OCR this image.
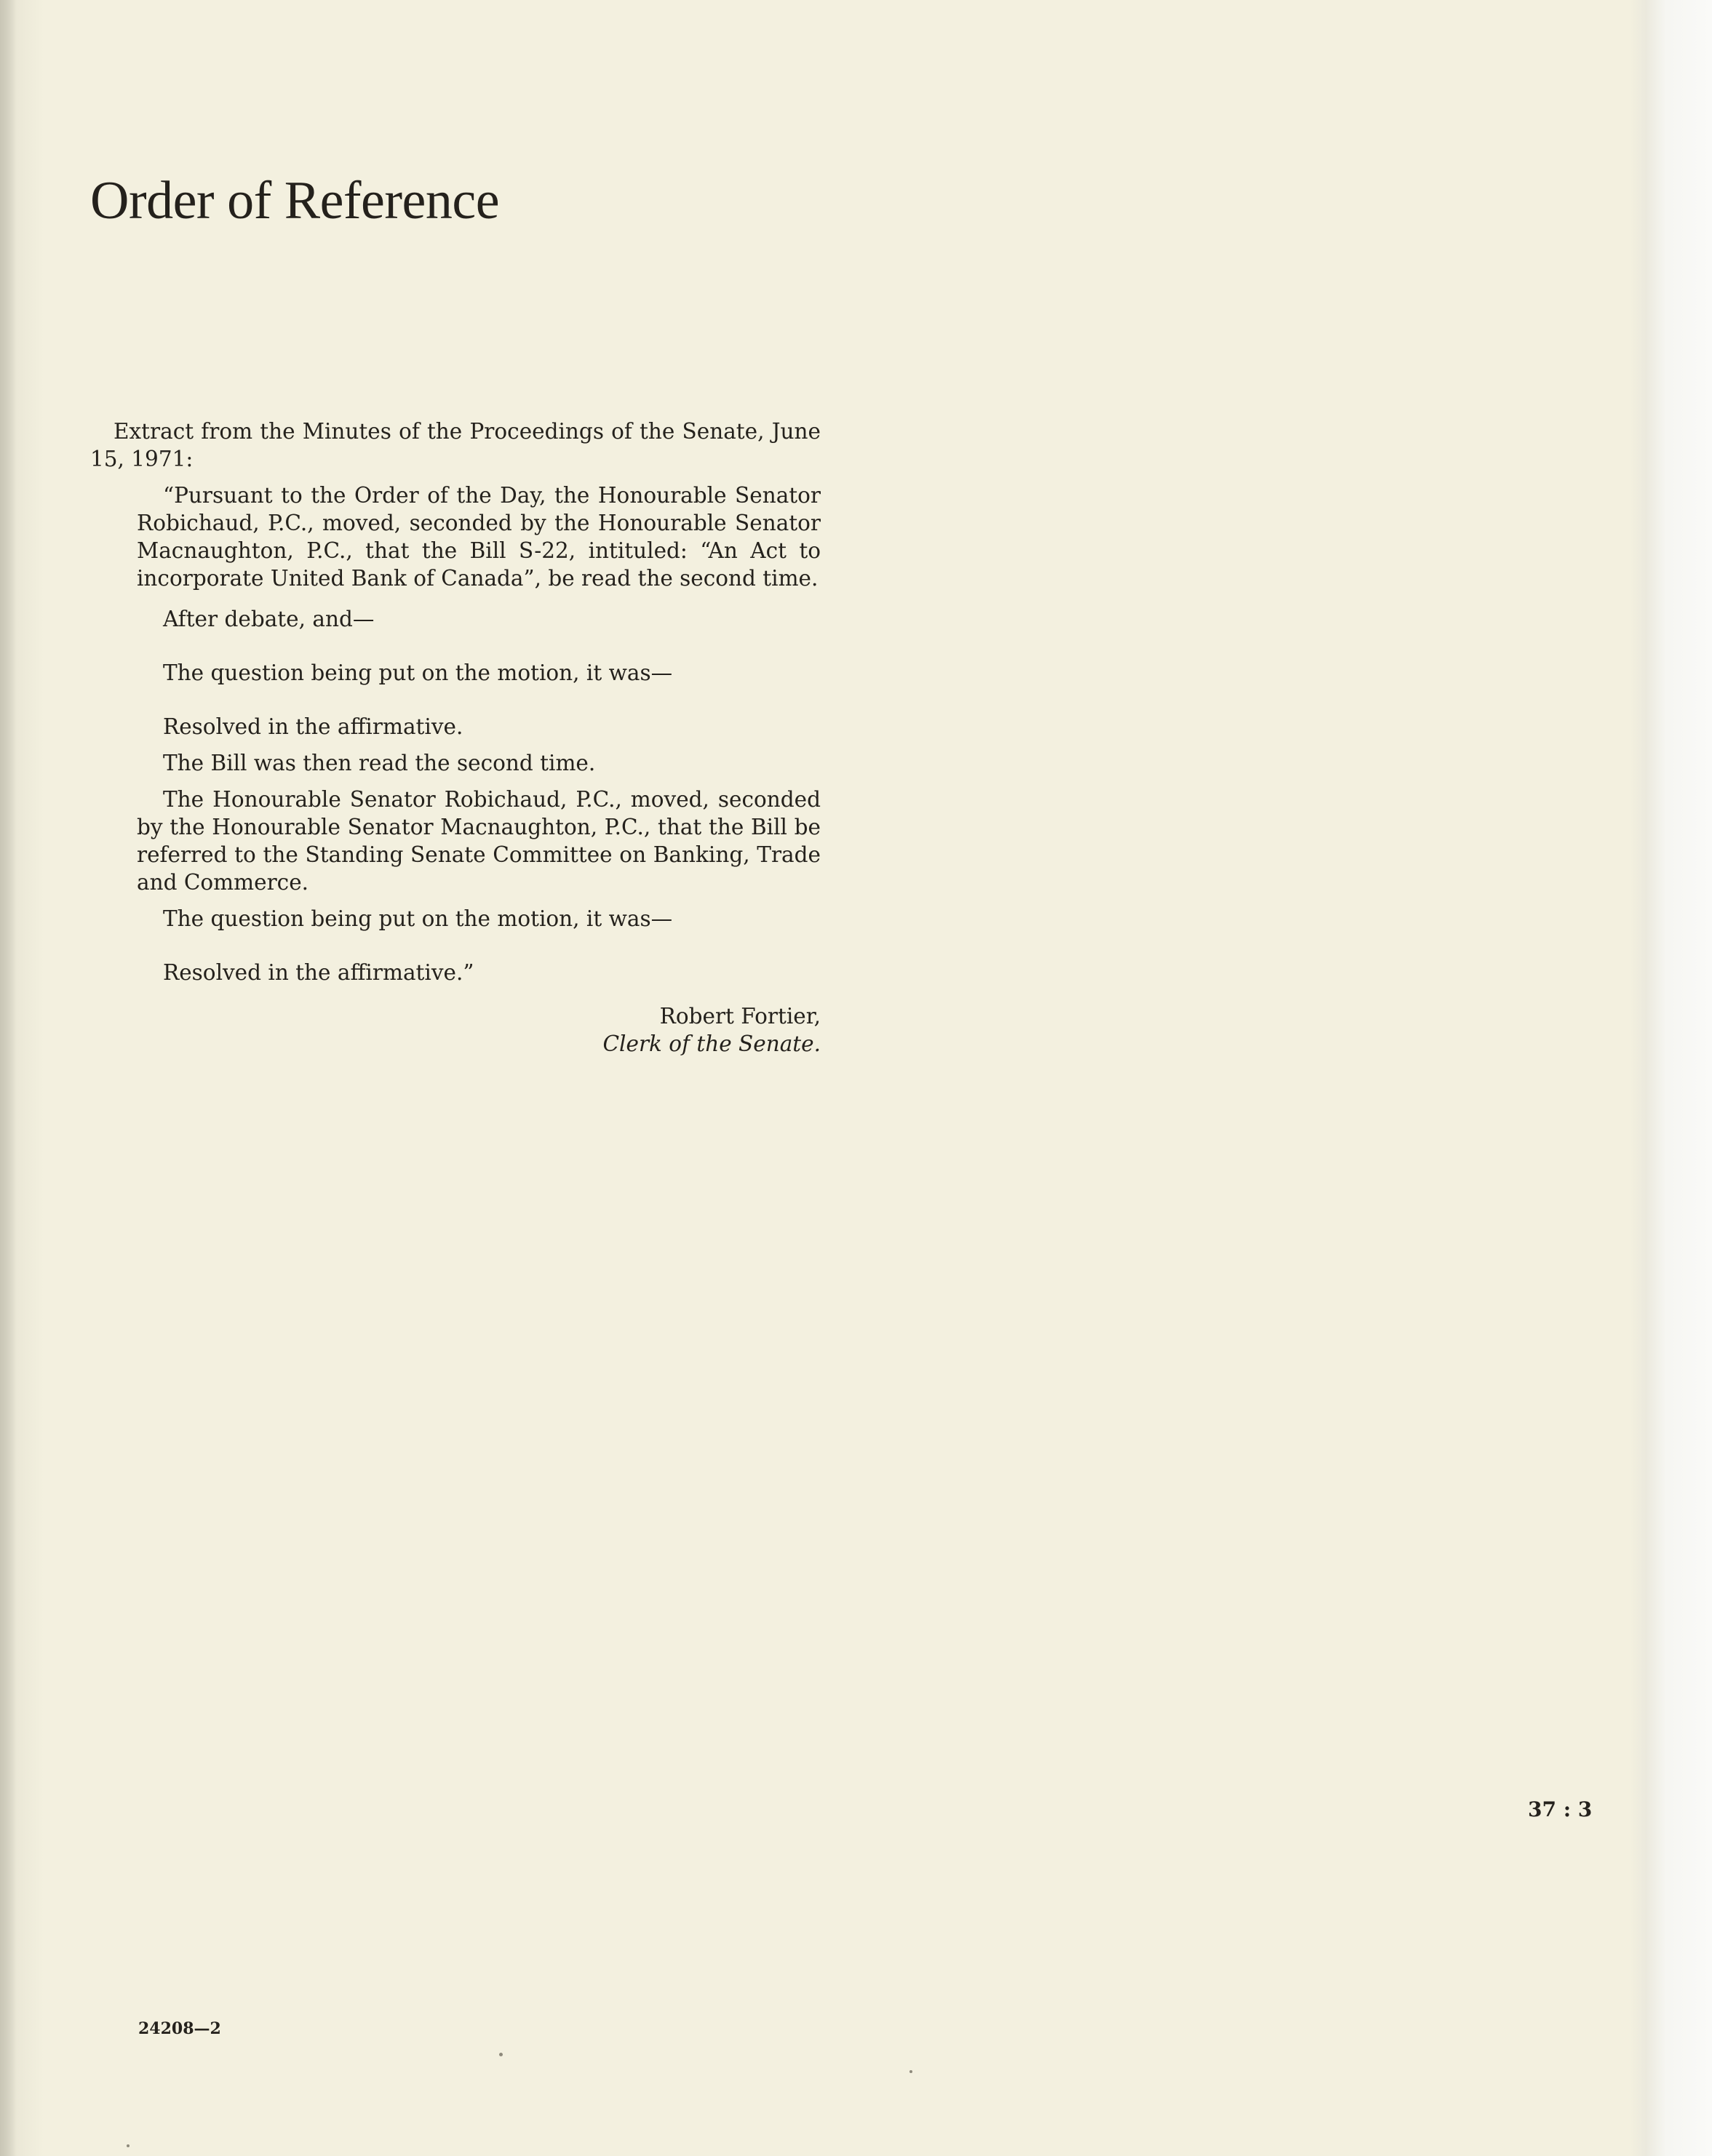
Order of Reference

Extract from the Minutes of the Proceedings of the Senate, June 15, 1971:

“Pursuant to the Order of the Day, the Honourable Senator Robichaud, P.C., moved, seconded by the Honourable Senator Macnaughton, P.C., that the Bill S-22, intituled: “An Act to incorporate United Bank of Canada”, be read the second time.

After debate, and—

The question being put on the motion, it was—

Resolved in the affirmative.

The Bill was then read the second time.

The Honourable Senator Robichaud, P.C., moved, seconded by the Honourable Senator Macnaughton, P.C., that the Bill be referred to the Standing Senate Committee on Banking, Trade and Commerce.

The question being put on the motion, it was—

Resolved in the affirmative.”

Robert Fortier,
Clerk of the Senate.

37 : 3
24208—2
